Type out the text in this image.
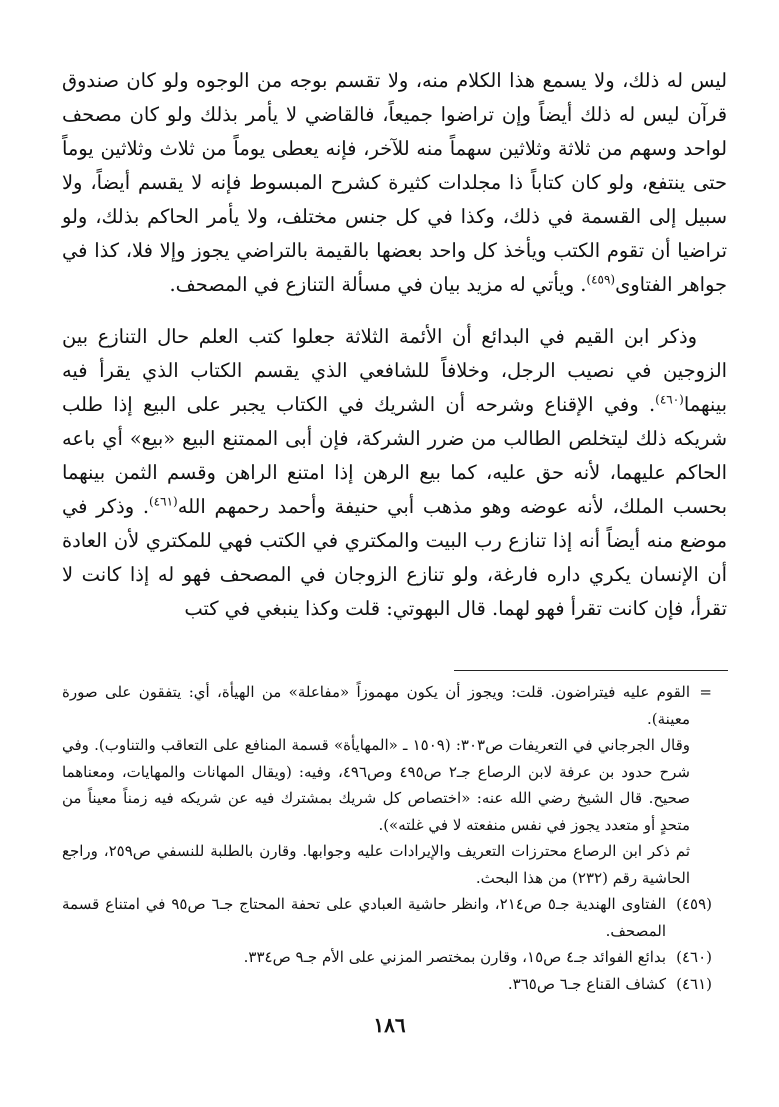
ليس له ذلك، ولا يسمع هذا الكلام منه، ولا تقسم بوجه من الوجوه ولو كان صندوق قرآن ليس له ذلك أيضاً وإن تراضوا جميعاً، فالقاضي لا يأمر بذلك ولو كان مصحف لواحد وسهم من ثلاثة وثلاثين سهماً منه للآخر، فإنه يعطى يوماً من ثلاث وثلاثين يوماً حتى ينتفع، ولو كان كتاباً ذا مجلدات كثيرة كشرح المبسوط فإنه لا يقسم أيضاً، ولا سبيل إلى القسمة في ذلك، وكذا في كل جنس مختلف، ولا يأمر الحاكم بذلك، ولو تراضيا أن تقوم الكتب ويأخذ كل واحد بعضها بالقيمة بالتراضي يجوز وإلا فلا، كذا في جواهر الفتاوى$^{(٤٥٩)}$. ويأتي له مزيد بيان في مسألة التنازع في المصحف.

وذكر ابن القيم في البدائع أن الأئمة الثلاثة جعلوا كتب العلم حال التنازع بين الزوجين في نصيب الرجل، وخلافاً للشافعي الذي يقسم الكتاب الذي يقرأ فيه بينهما$^{(٤٦٠)}$. وفي الإقناع وشرحه أن الشريك في الكتاب يجبر على البيع إذا طلب شريكه ذلك ليتخلص الطالب من ضرر الشركة، فإن أبى الممتنع البيع «بيع» أي باعه الحاكم عليهما، لأنه حق عليه، كما بيع الرهن إذا امتنع الراهن وقسم الثمن بينهما بحسب الملك، لأنه عوضه وهو مذهب أبي حنيفة وأحمد رحمهم الله$^{(٤٦١)}$. وذكر في موضع منه أيضاً أنه إذا تنازع رب البيت والمكتري في الكتب فهي للمكتري لأن العادة أن الإنسان يكري داره فارغة، ولو تنازع الزوجان في المصحف فهو له إذا كانت لا تقرأ، فإن كانت تقرأ فهو لهما. قال البهوتي: قلت وكذا ينبغي في كتب

=

القوم عليه فيتراضون. قلت: ويجوز أن يكون مهموزاً «مفاعلة» من الهيأة، أي: يتفقون على صورة معينة).

وقال الجرجاني في التعريفات ص٣٠٣: (١٥٠٩ ـ «المهايأة» قسمة المنافع على التعاقب والتناوب). وفي شرح حدود بن عرفة لابن الرصاع جـ٢ ص٤٩٥ وص٤٩٦، وفيه: (ويقال المهانات والمهايات، ومعناهما صحيح. قال الشيخ رضي الله عنه: «اختصاص كل شريك بمشترك فيه عن شريكه فيه زمناً معيناً من متحدٍ أو متعدد يجوز في نفس منفعته لا في غلته»).

ثم ذكر ابن الرصاع محترزات التعريف والإيرادات عليه وجوابها. وقارن بالطلبة للنسفي ص٢٥٩، وراجع الحاشية رقم (٢٣٢) من هذا البحث.

(٤٥٩)الفتاوى الهندية جـ٥ ص٢١٤، وانظر حاشية العبادي على تحفة المحتاج جـ٦ ص٩٥ في امتناع قسمة المصحف.

(٤٦٠)بدائع الفوائد جـ٤ ص١٥، وقارن بمختصر المزني على الأم جـ٩ ص٣٣٤.

(٤٦١)كشاف القناع جـ٦ ص٣٦٥.

١٨٦
